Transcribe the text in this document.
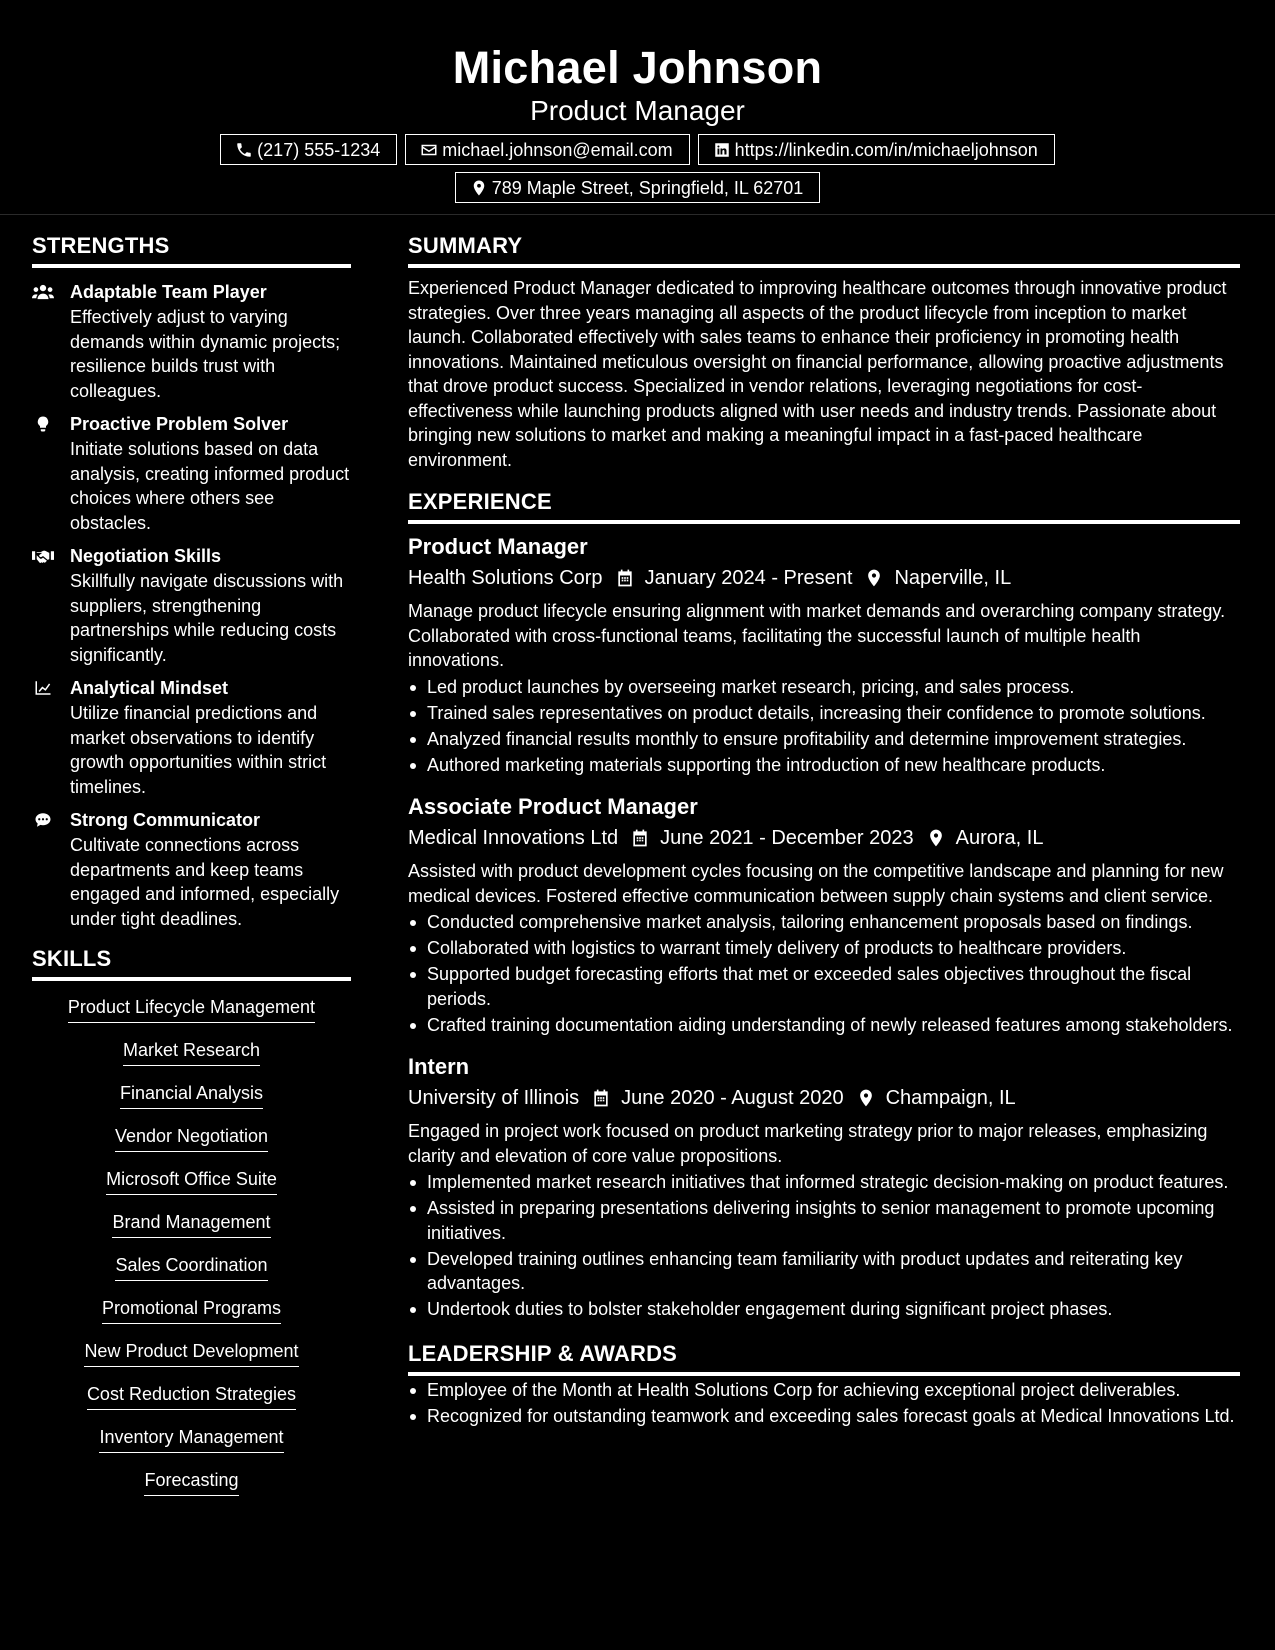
Michael Johnson
Product Manager
(217) 555-1234	michael.johnson@email.com	https://linkedin.com/in/michaeljohnson
789 Maple Street, Springfield, IL 62701
STRENGTHS
Adaptable Team Player
Effectively adjust to varying demands within dynamic projects; resilience builds trust with colleagues.
Proactive Problem Solver
Initiate solutions based on data analysis, creating informed product choices where others see obstacles.
Negotiation Skills
Skillfully navigate discussions with suppliers, strengthening partnerships while reducing costs significantly.
Analytical Mindset
Utilize financial predictions and market observations to identify growth opportunities within strict timelines.
Strong Communicator
Cultivate connections across departments and keep teams engaged and informed, especially under tight deadlines.
SKILLS
Product Lifecycle Management
Market Research
Financial Analysis
Vendor Negotiation
Microsoft Office Suite
Brand Management
Sales Coordination
Promotional Programs
New Product Development
Cost Reduction Strategies
Inventory Management
Forecasting
SUMMARY
Experienced Product Manager dedicated to improving healthcare outcomes through innovative product strategies. Over three years managing all aspects of the product lifecycle from inception to market launch. Collaborated effectively with sales teams to enhance their proficiency in promoting health innovations. Maintained meticulous oversight on financial performance, allowing proactive adjustments that drove product success. Specialized in vendor relations, leveraging negotiations for cost-effectiveness while launching products aligned with user needs and industry trends. Passionate about bringing new solutions to market and making a meaningful impact in a fast-paced healthcare environment.
EXPERIENCE
Product Manager
Health Solutions Corp January 2024 - Present Naperville, IL
Manage product lifecycle ensuring alignment with market demands and overarching company strategy. Collaborated with cross-functional teams, facilitating the successful launch of multiple health innovations.
Led product launches by overseeing market research, pricing, and sales process.
Trained sales representatives on product details, increasing their confidence to promote solutions.
Analyzed financial results monthly to ensure profitability and determine improvement strategies.
Authored marketing materials supporting the introduction of new healthcare products.
Associate Product Manager
Medical Innovations Ltd June 2021 - December 2023 Aurora, IL
Assisted with product development cycles focusing on the competitive landscape and planning for new medical devices. Fostered effective communication between supply chain systems and client service.
Conducted comprehensive market analysis, tailoring enhancement proposals based on findings.
Collaborated with logistics to warrant timely delivery of products to healthcare providers.
Supported budget forecasting efforts that met or exceeded sales objectives throughout the fiscal periods.
Crafted training documentation aiding understanding of newly released features among stakeholders.
Intern
University of Illinois June 2020 - August 2020 Champaign, IL
Engaged in project work focused on product marketing strategy prior to major releases, emphasizing clarity and elevation of core value propositions.
Implemented market research initiatives that informed strategic decision-making on product features.
Assisted in preparing presentations delivering insights to senior management to promote upcoming initiatives.
Developed training outlines enhancing team familiarity with product updates and reiterating key advantages.
Undertook duties to bolster stakeholder engagement during significant project phases.
LEADERSHIP & AWARDS
Employee of the Month at Health Solutions Corp for achieving exceptional project deliverables.
Recognized for outstanding teamwork and exceeding sales forecast goals at Medical Innovations Ltd.
